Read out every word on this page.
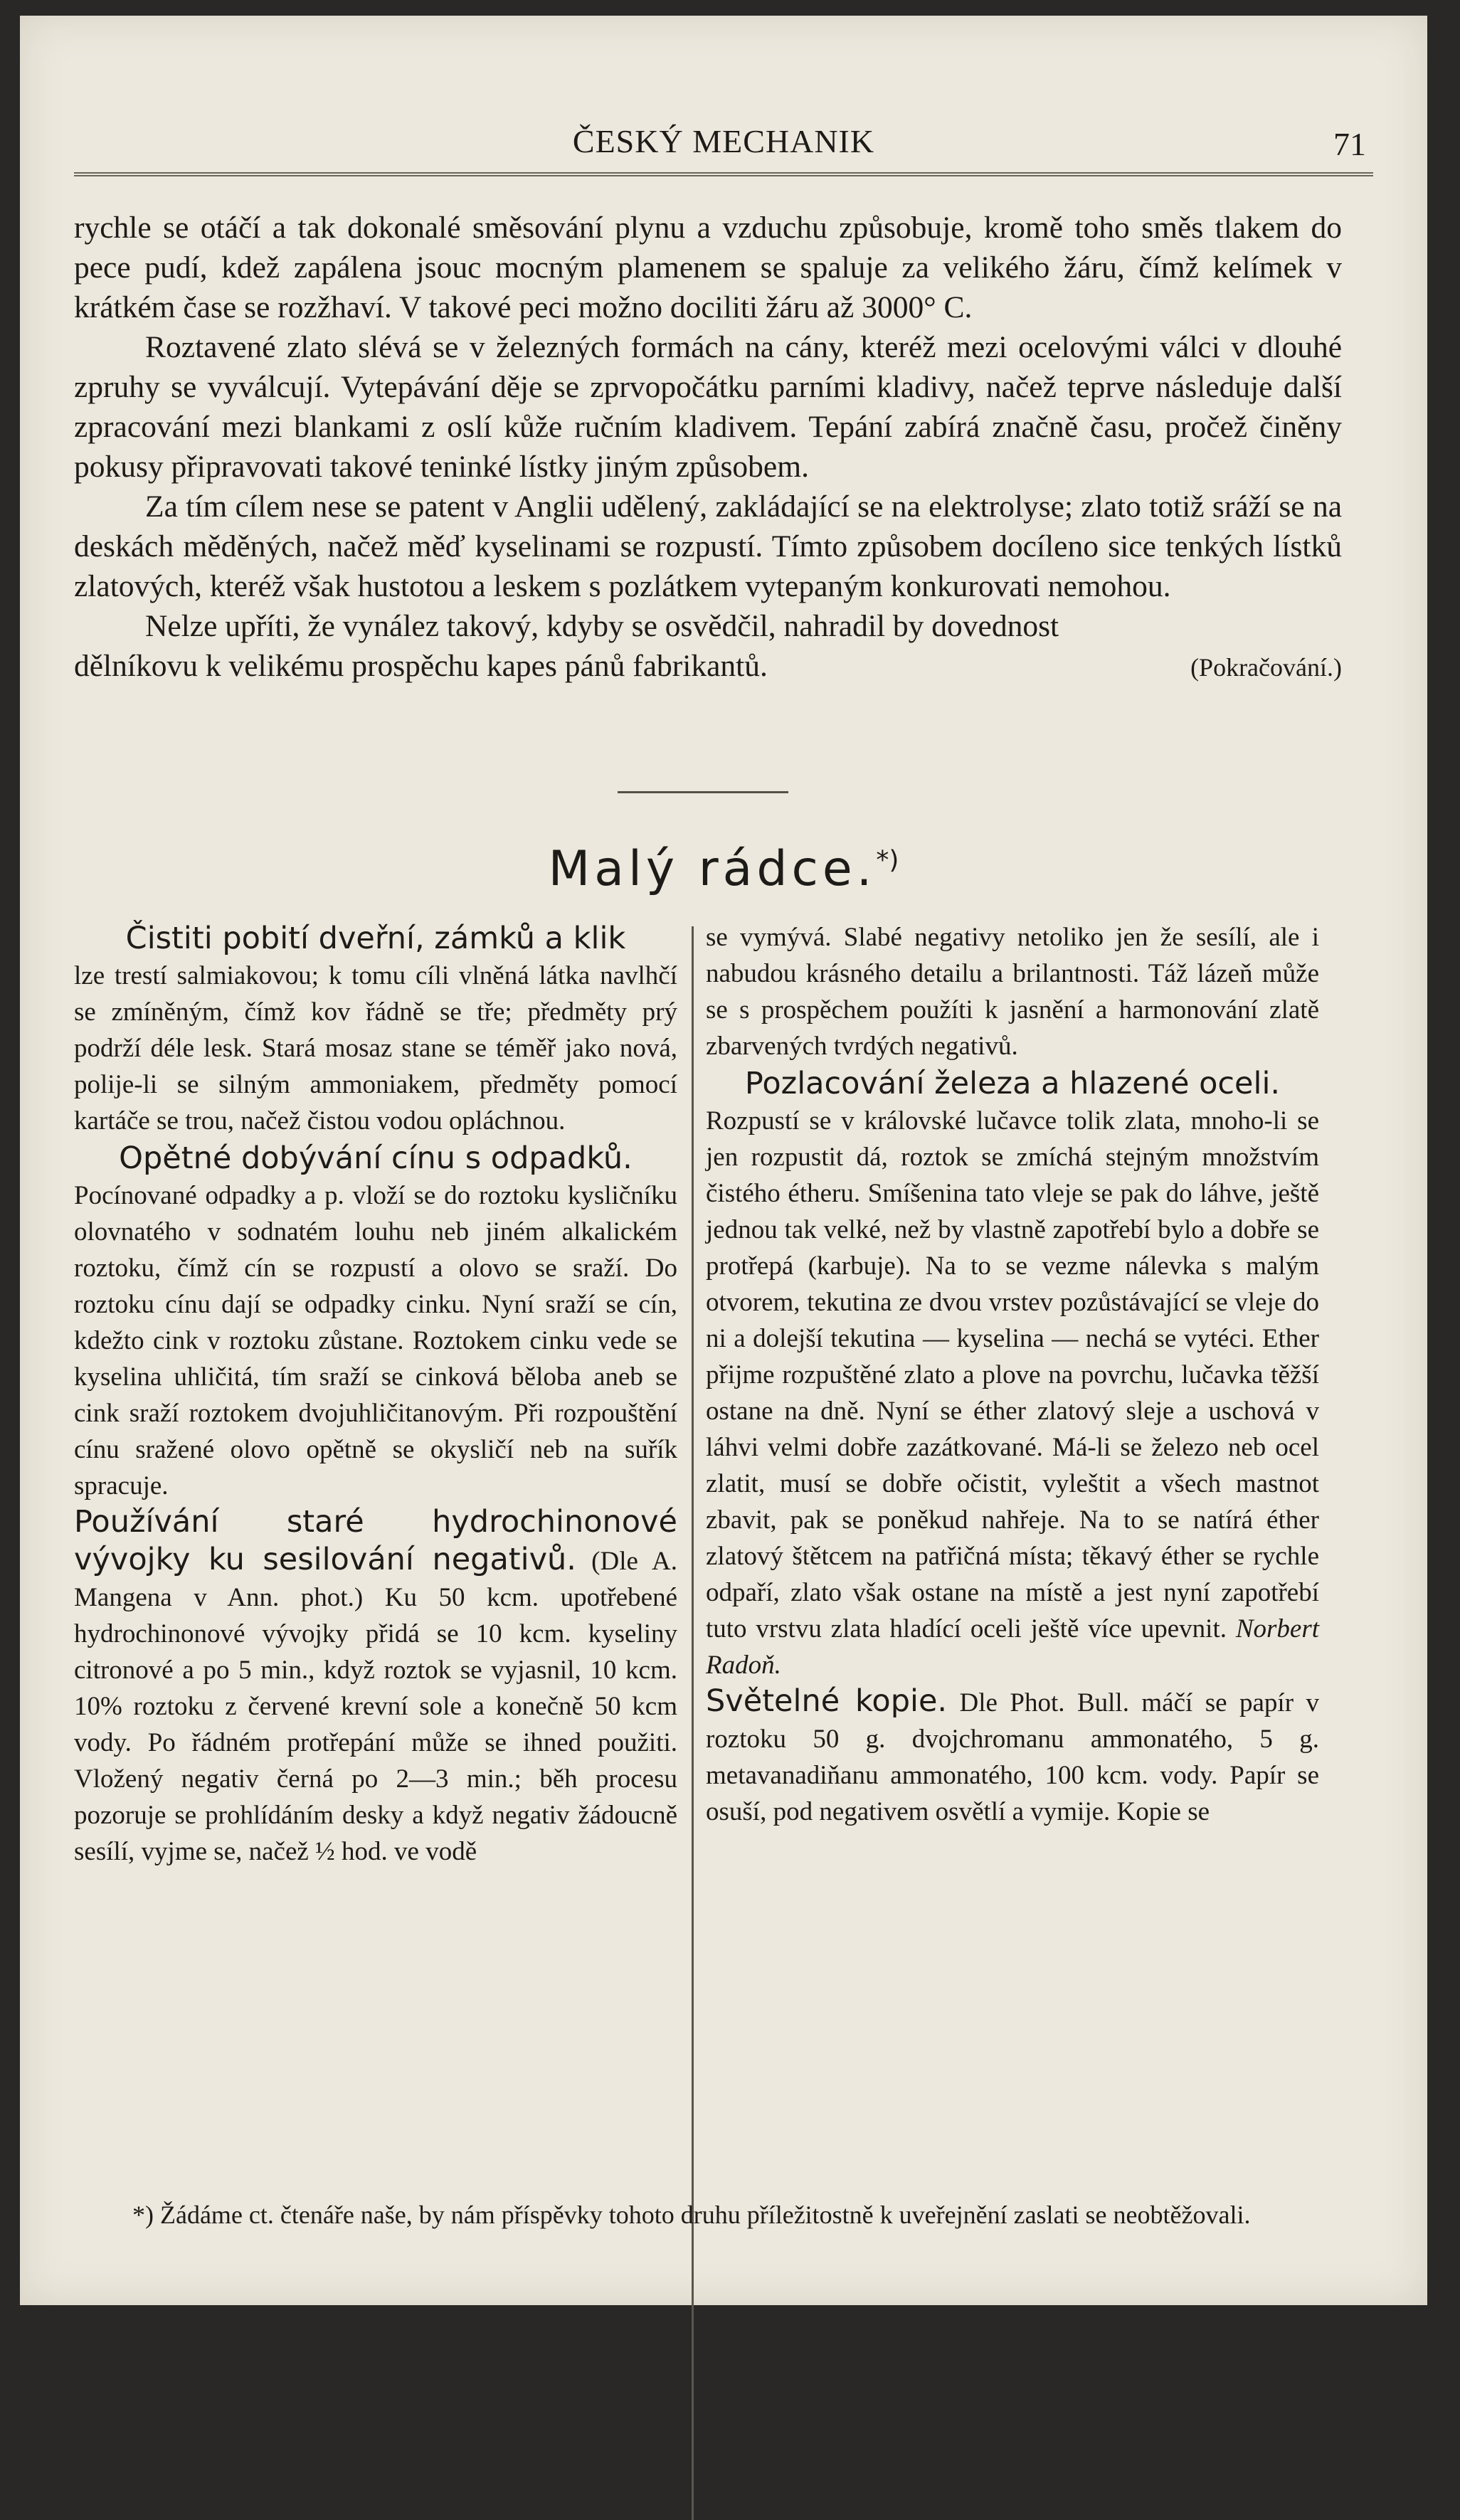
ČESKÝ MECHANIK	71

rychle se otáčí a tak dokonalé směsování plynu a vzduchu způsobuje, kromě toho směs tlakem do pece pudí, kdež zapálena jsouc mocným plamenem se spaluje za velikého žáru, čímž kelímek v krátkém čase se rozžhaví. V takové peci možno dociliti žáru až 3000° C.

Roztavené zlato slévá se v železných formách na cány, kteréž mezi ocelovými válci v dlouhé zpruhy se vyválcují. Vytepávání děje se zprvopočátku parními kladivy, načež teprve následuje další zpracování mezi blankami z oslí kůže ručním kladivem. Tepání zabírá značně času, pročež činěny pokusy připravovati takové teninké lístky jiným způsobem.

Za tím cílem nese se patent v Anglii udělený, zakládající se na elektrolyse; zlato totiž sráží se na deskách měděných, načež měď kyselinami se rozpustí. Tímto způsobem docíleno sice tenkých lístků zlatových, kteréž však hustotou a leskem s pozlátkem vytepaným konkurovati nemohou.

Nelze upříti, že vynález takový, kdyby se osvědčil, nahradil by dovednost

dělníkovu k velikému prospěchu kapes pánů fabrikantů.	(Pokračování.)
Malý rádce.*)
Čistiti pobití dveřní, zámků a klik

lze trestí salmiakovou; k tomu cíli vlněná látka navlhčí se zmíněným, čímž kov řádně se tře; předměty prý podrží déle lesk. Stará mosaz stane se téměř jako nová, polije-li se silným ammoniakem, předměty pomocí kartáče se trou, načež čistou vodou opláchnou.

Opětné dobývání cínu s odpadků.

Pocínované odpadky a p. vloží se do roztoku kysličníku olovnatého v sodnatém louhu neb jiném alkalickém roztoku, čímž cín se rozpustí a olovo se sraží. Do roztoku cínu dají se odpadky cinku. Nyní sraží se cín, kdežto cink v roztoku zůstane. Roztokem cinku vede se kyselina uhličitá, tím sraží se cinková běloba aneb se cink sraží roztokem dvojuhličitanovým. Při rozpouštění cínu sražené olovo opětně se okysličí neb na suřík spracuje.

Používání staré hydrochinonové vývojky ku sesilování negativů. (Dle A. Mangena v Ann. phot.) Ku 50 kcm. upotřebené hydrochinonové vývojky přidá se 10 kcm. kyseliny citronové a po 5 min., když roztok se vyjasnil, 10 kcm. 10% roztoku z červené krevní sole a konečně 50 kcm vody. Po řádném protřepání může se ihned použiti. Vložený negativ černá po 2—3 min.; běh procesu pozoruje se prohlídáním desky a když negativ žádoucně sesílí, vyjme se, načež ½ hod. ve vodě

se vymývá. Slabé negativy netoliko jen že sesílí, ale i nabudou krásného detailu a brilantnosti. Táž lázeň může se s prospěchem použíti k jasnění a harmonování zlatě zbarvených tvrdých negativů.

Pozlacování železa a hlazené oceli.

Rozpustí se v královské lučavce tolik zlata, mnoho-li se jen rozpustit dá, roztok se zmíchá stejným množstvím čistého étheru. Smíšenina tato vleje se pak do láhve, ještě jednou tak velké, než by vlastně zapotřebí bylo a dobře se protřepá (karbuje). Na to se vezme nálevka s malým otvorem, tekutina ze dvou vrstev pozůstávající se vleje do ni a dolejší tekutina — kyselina — nechá se vytéci. Ether přijme rozpuštěné zlato a plove na povrchu, lučavka těžší ostane na dně. Nyní se éther zlatový sleje a uschová v láhvi velmi dobře zazátkované. Má-li se železo neb ocel zlatit, musí se dobře očistit, vyleštit a všech mastnot zbavit, pak se poněkud nahřeje. Na to se natírá éther zlatový štětcem na patřičná místa; těkavý éther se rychle odpaří, zlato však ostane na místě a jest nyní zapotřebí tuto vrstvu zlata hladící oceli ještě více upevnit. Norbert Radoň.

Světelné kopie. Dle Phot. Bull. máčí se papír v roztoku 50 g. dvojchromanu ammonatého, 5 g. metavanadiňanu ammonatého, 100 kcm. vody. Papír se osuší, pod negativem osvětlí a vymije. Kopie se

*) Žádáme ct. čtenáře naše, by nám příspěvky tohoto druhu příležitostně k uveřejnění zaslati se neobtěžovali.
